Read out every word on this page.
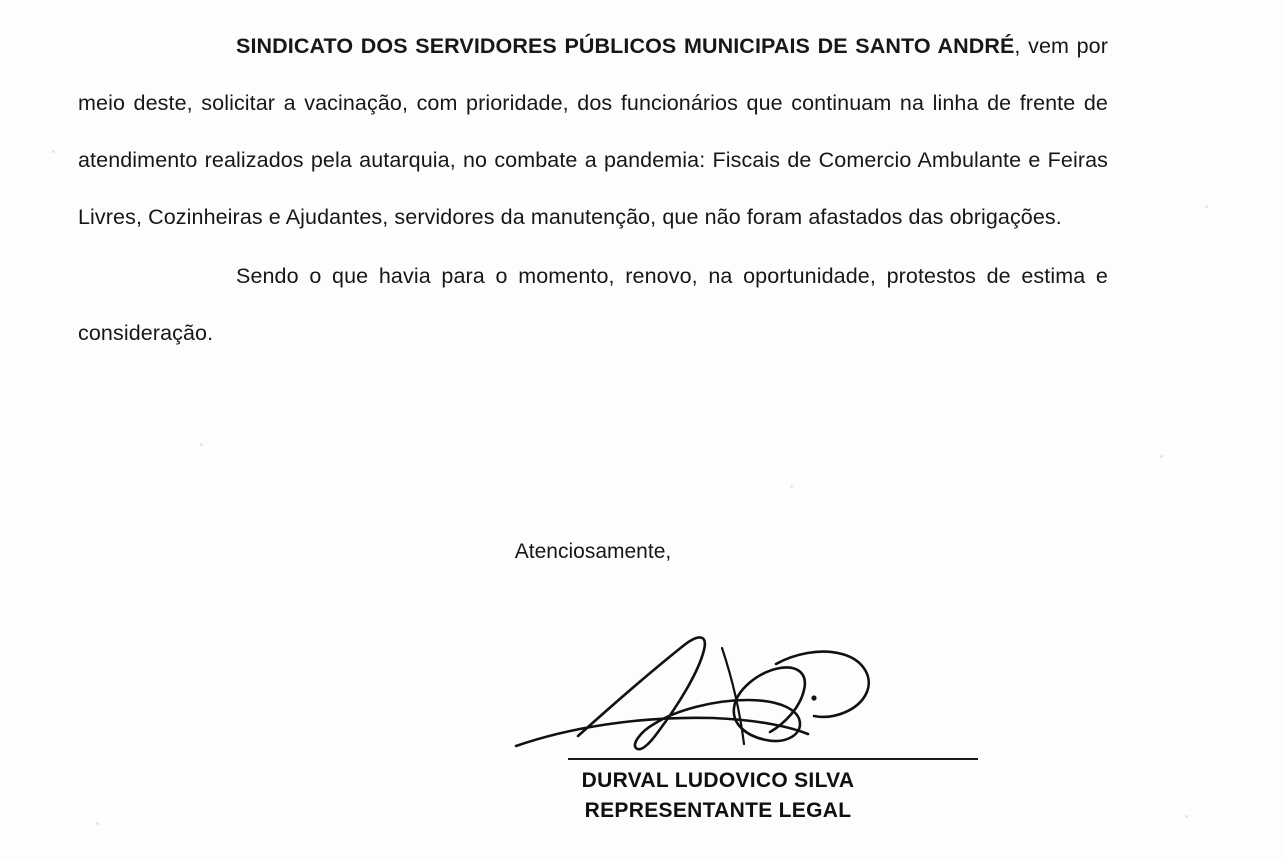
SINDICATO DOS SERVIDORES PÚBLICOS MUNICIPAIS DE SANTO ANDRÉ, vem por meio deste, solicitar a vacinação, com prioridade, dos funcionários que continuam na linha de frente de atendimento realizados pela autarquia, no combate a pandemia: Fiscais de Comercio Ambulante e Feiras Livres, Cozinheiras e Ajudantes, servidores da manutenção, que não foram afastados das obrigações.

Sendo o que havia para o momento, renovo, na oportunidade, protestos de estima e consideração.

Atenciosamente,
DURVAL LUDOVICO SILVA
REPRESENTANTE LEGAL
